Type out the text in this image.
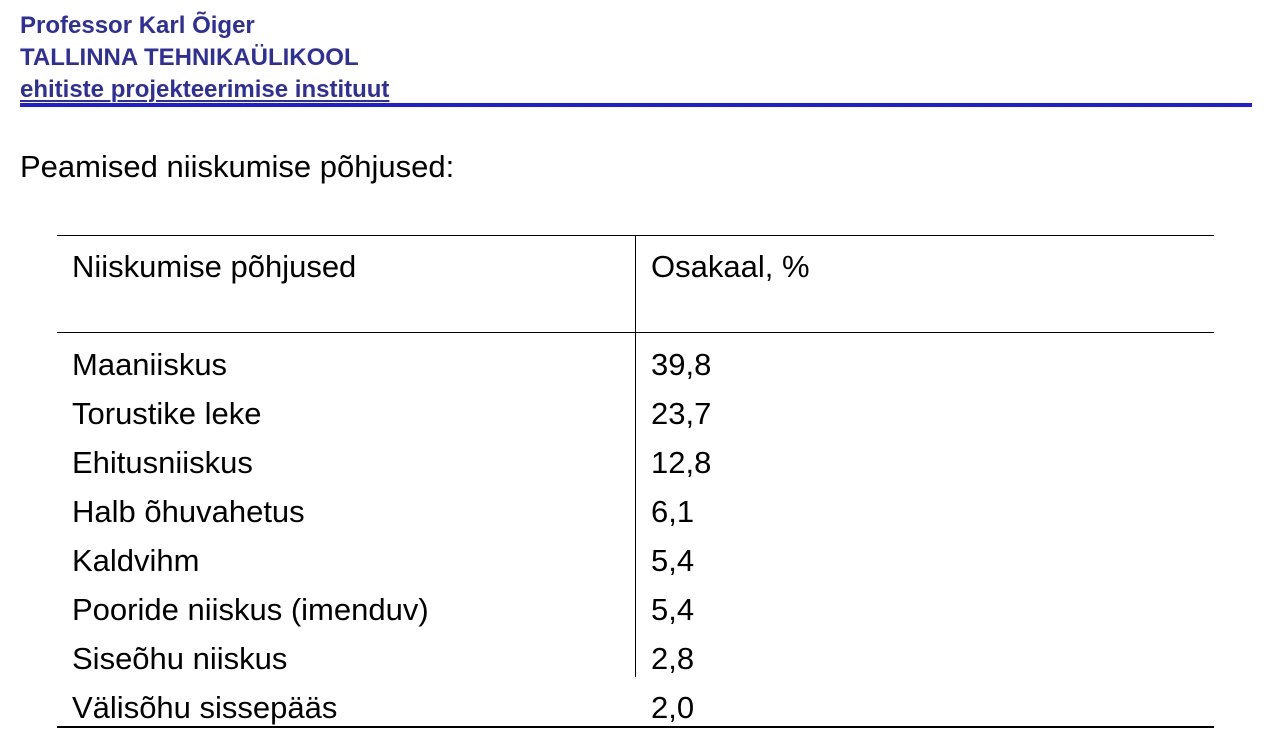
Professor Karl Õiger
TALLINNA TEHNIKAÜLIKOOL
ehitiste projekteerimise instituut
Peamised niiskumise põhjused:
Niiskumise põhjused	Osakaal, %
Maaniiskus	39,8
Torustike leke	23,7
Ehitusniiskus	12,8
Halb õhuvahetus	6,1
Kaldvihm	5,4
Pooride niiskus (imenduv)	5,4
Siseõhu niiskus	2,8
Välisõhu sissepääs	2,0
